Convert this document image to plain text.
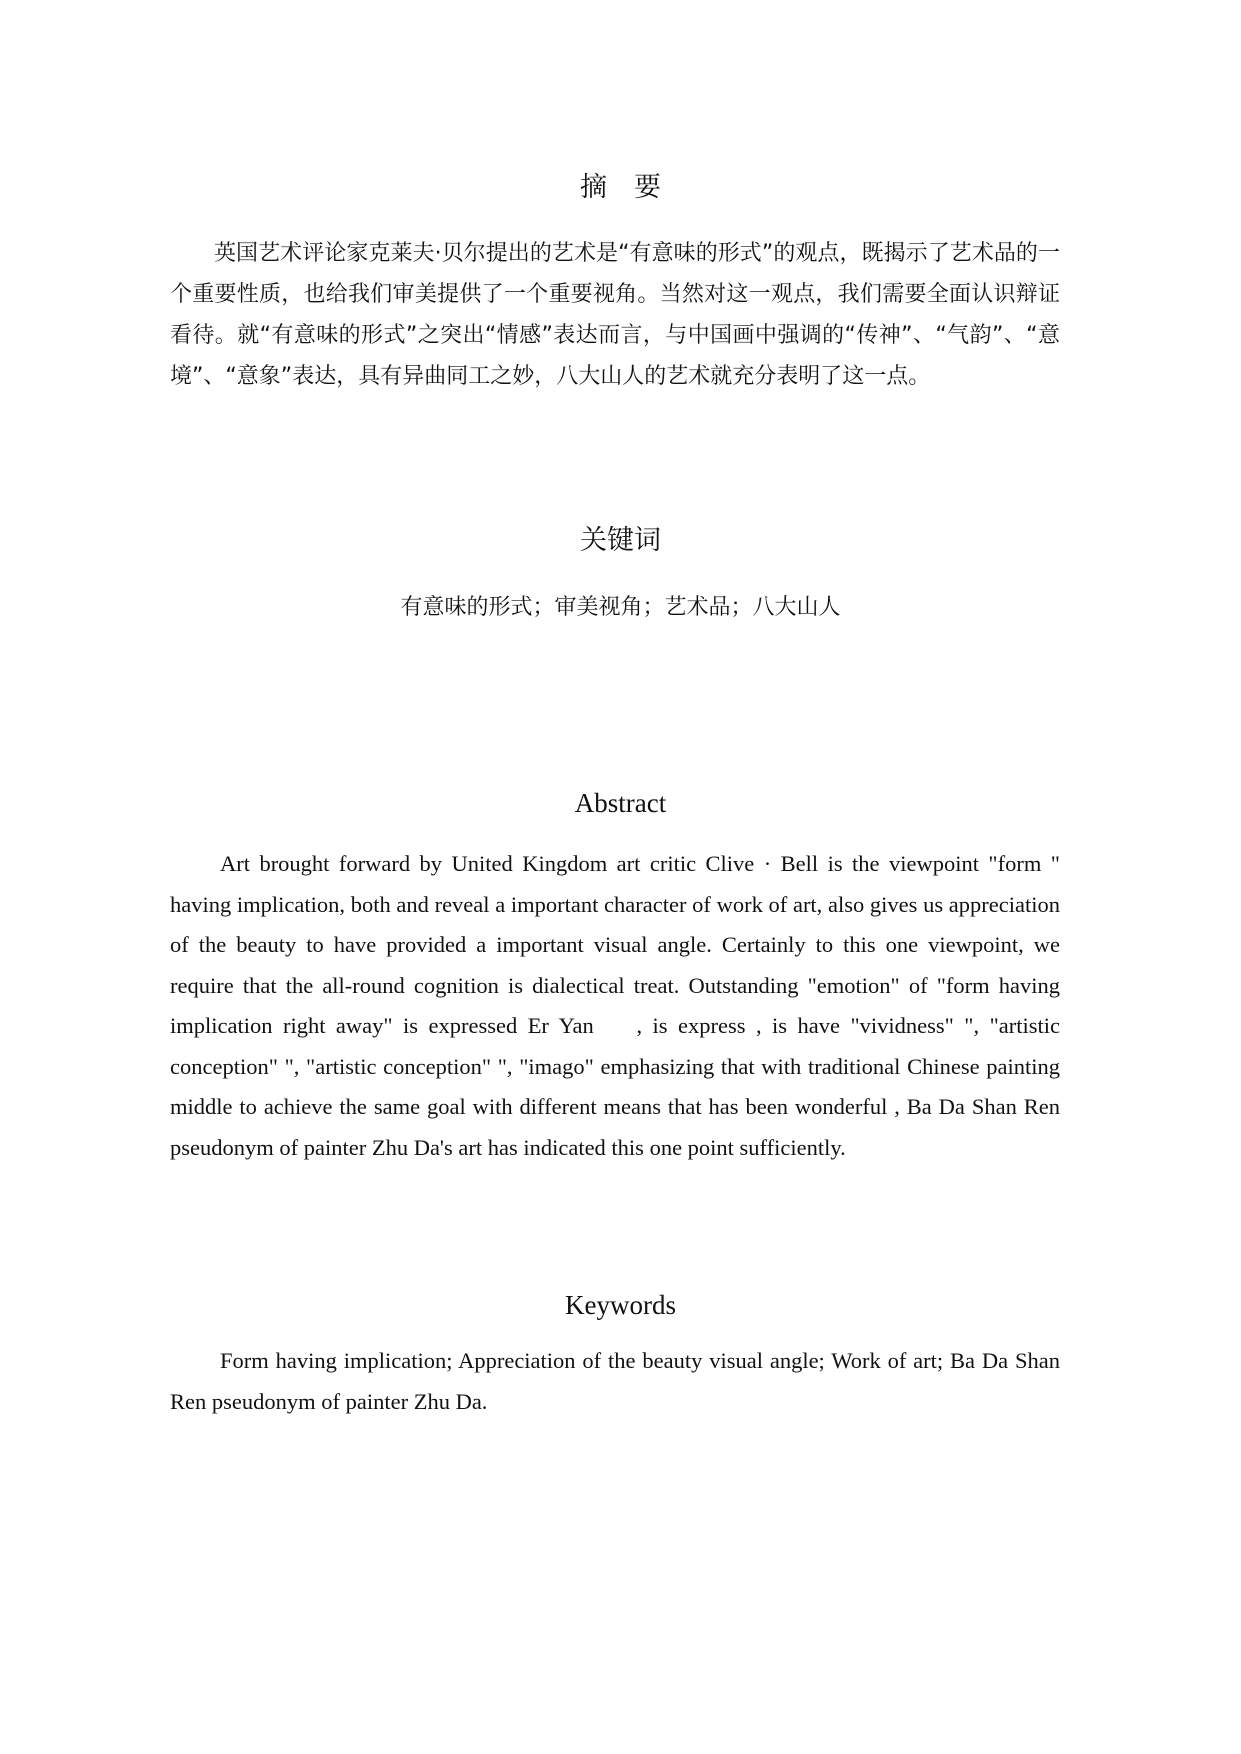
摘　要

英国艺术评论家克莱夫·贝尔提出的艺术是“有意味的形式”的观点，既揭示了艺术品的一个重要性质，也给我们审美提供了一个重要视角。当然对这一观点，我们需要全面认识辩证看待。就“有意味的形式”之突出“情感”表达而言，与中国画中强调的“传神”、“气韵”、“意境”、“意象”表达，具有异曲同工之妙，八大山人的艺术就充分表明了这一点。

关键词

有意味的形式；审美视角；艺术品；八大山人

Abstract

Art brought forward by United Kingdom art critic Clive · Bell is the viewpoint "form " having implication, both and reveal a important character of work of art, also gives us appreciation of the beauty to have provided a important visual angle. Certainly to this one viewpoint, we require that the all-round cognition is dialectical treat. Outstanding "emotion" of "form having implication right away" is expressed Er Yan　 , is express , is have "vividness" ", "artistic conception" ", "artistic conception" ", "imago" emphasizing that with traditional Chinese painting middle to achieve the same goal with different means that has been wonderful , Ba Da Shan Ren pseudonym of painter Zhu Da's art has indicated this one point sufficiently.

Keywords

Form having implication; Appreciation of the beauty visual angle; Work of art; Ba Da Shan Ren pseudonym of painter Zhu Da.
